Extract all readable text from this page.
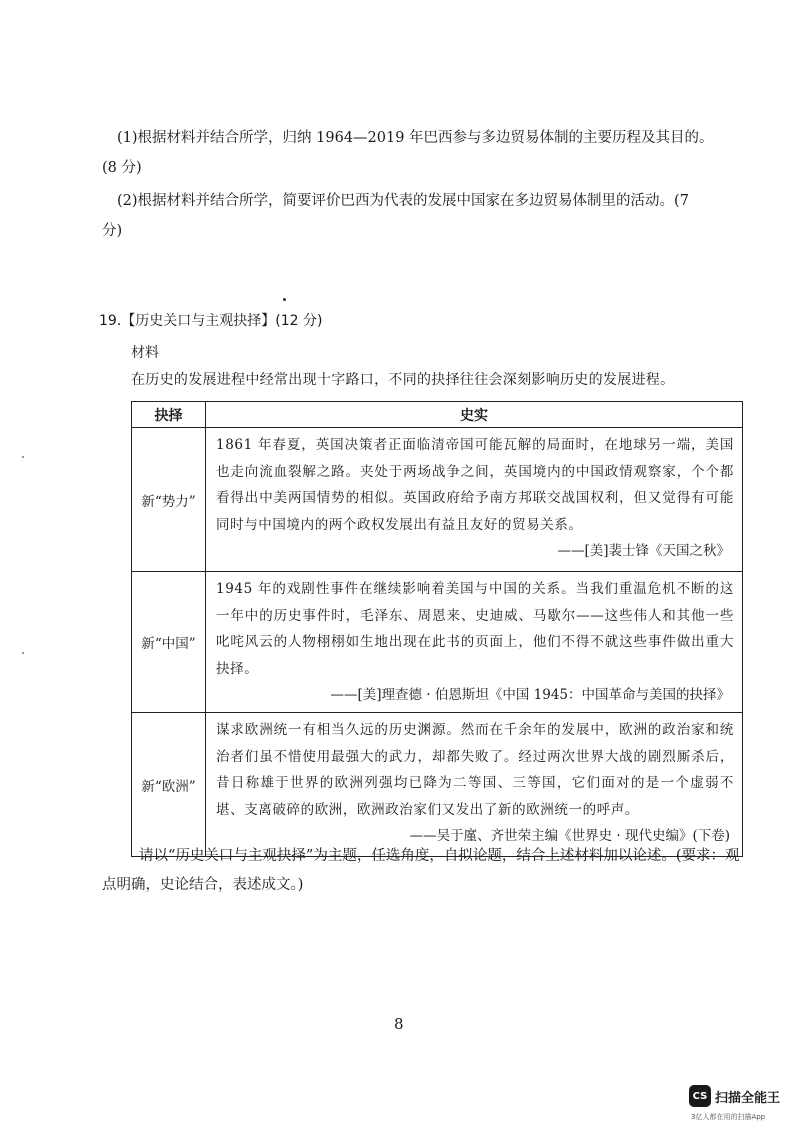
(1)根据材料并结合所学，归纳 1964—2019 年巴西参与多边贸易体制的主要历程及其目的。
(8 分)
(2)根据材料并结合所学，简要评价巴西为代表的发展中国家在多边贸易体制里的活动。(7
分)
19.【历史关口与主观抉择】(12 分)
材料
在历史的发展进程中经常出现十字路口，不同的抉择往往会深刻影响历史的发展进程。
抉择	史实
新“势力”	1861 年春夏，英国决策者正面临清帝国可能瓦解的局面时，在地球另一端，美国也走向流血裂解之路。夹处于两场战争之间，英国境内的中国政情观察家，个个都看得出中美两国情势的相似。英国政府给予南方邦联交战国权利，但又觉得有可能同时与中国境内的两个政权发展出有益且友好的贸易关系。
——[美]裴士锋《天国之秋》

新“中国”	1945 年的戏剧性事件在继续影响着美国与中国的关系。当我们重温危机不断的这一年中的历史事件时，毛泽东、周恩来、史迪威、马歇尔——这些伟人和其他一些叱咤风云的人物栩栩如生地出现在此书的页面上，他们不得不就这些事件做出重大抉择。
——[美]理查德 · 伯恩斯坦《中国 1945：中国革命与美国的抉择》

新“欧洲”	谋求欧洲统一有相当久远的历史渊源。然而在千余年的发展中，欧洲的政治家和统治者们虽不惜使用最强大的武力，却都失败了。经过两次世界大战的剧烈厮杀后，昔日称雄于世界的欧洲列强均已降为二等国、三等国，它们面对的是一个虚弱不堪、支离破碎的欧洲，欧洲政治家们又发出了新的欧洲统一的呼声。
——吴于廑、齐世荣主编《世界史 · 现代史编》(下卷)
请以“历史关口与主观抉择”为主题，任选角度，自拟论题，结合上述材料加以论述。(要求：观
点明确，史论结合，表述成文。)
8
CS 扫描全能王
3亿人都在用的扫描App
